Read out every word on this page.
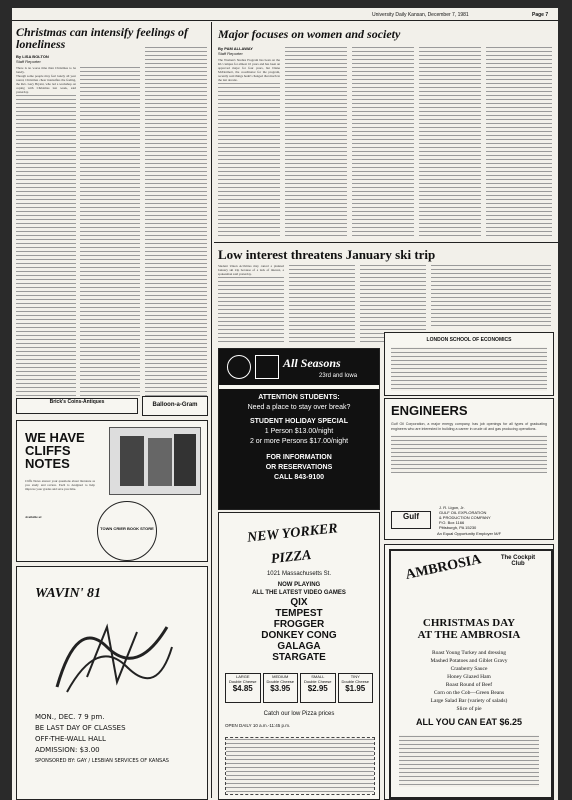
University Daily Kansan, December 7, 1981	Page 7
Christmas can intensify feelings of loneliness
By LISA BOLTON
Staff Reporter
There is no worse time than Christmas to be lonely.
Though some people may feel lonely all year round, Christmas cheer intensifies the feeling, the Rev. Gary Bryant, who led a workshop on coping with Christmas last week, said yesterday.
Brick's Coins-Antiques	Balloon-a-Gram
WE HAVE
CLIFFS
NOTES
Cliffs Notes answer your questions about literature as you study and review. Each is designed to help improve your grades and save you time.
Available at:
TOWN CRIER BOOK STORE
WAVIN' 81
MON., DEC. 7 9 pm.
BE LAST DAY OF CLASSES
OFF-THE-WALL HALL
ADMISSION: $3.00
SPONSORED BY: GAY / LESBIAN SERVICES OF KANSAS
Major focuses on women and society
By PAM ALLAWAY
Staff Reporter
The Women's Studies Program has been on the KU campus for almost 10 years and has been an approved major for four years, but Diane McDermott, the coordinator for the program, recently said things hadn't changed that much in the last decade.
Low interest threatens January ski trip
Student Union Activities may cancel a planned January ski trip because of a lack of interest, a spokesman said yesterday.
All Seasons
23rd and Iowa
ATTENTION STUDENTS:
Need a place to stay over break?
STUDENT HOLIDAY SPECIAL
1 Person $13.00/night
2 or more Persons $17.00/night
FOR INFORMATION
OR RESERVATIONS
CALL 843-9100
LONDON SCHOOL OF ECONOMICS
ENGINEERS
Gulf Oil Corporation, a major energy company, has job openings for all types of graduating engineers who are interested in building a career in crude oil and gas producing operations.
Gulf
J. R. Ligon, Jr.
GULF OIL EXPLORATION
& PRODUCTION COMPANY
P.O. Box 1166
Pittsburgh, PA 15230
An Equal Opportunity Employer M/F
NEW YORKER
PIZZA
1021 Massachusetts St.
NOW PLAYING
ALL THE LATEST VIDEO GAMES
QIX
TEMPEST
FROGGER
DONKEY CONG
GALAGA
STARGATE
LARGE
Double Cheese
$4.85
MEDIUM
Double Cheese
$3.95
SMALL
Double Cheese
$2.95
TINY
Double Cheese
$1.95
Catch our low Pizza prices
OPEN DAILY 10 a.m.-11:45 p.m.
AMBROSIA	The Cockpit Club
CHRISTMAS DAY
AT THE AMBROSIA
Roast Young Turkey and dressing
Mashed Potatoes and Giblet Gravy
Cranberry Sauce
Honey Glazed Ham
Roast Round of Beef
Corn on the Cob—Green Beans
Large Salad Bar (variety of salads)
Slice of pie
ALL YOU CAN EAT $6.25
